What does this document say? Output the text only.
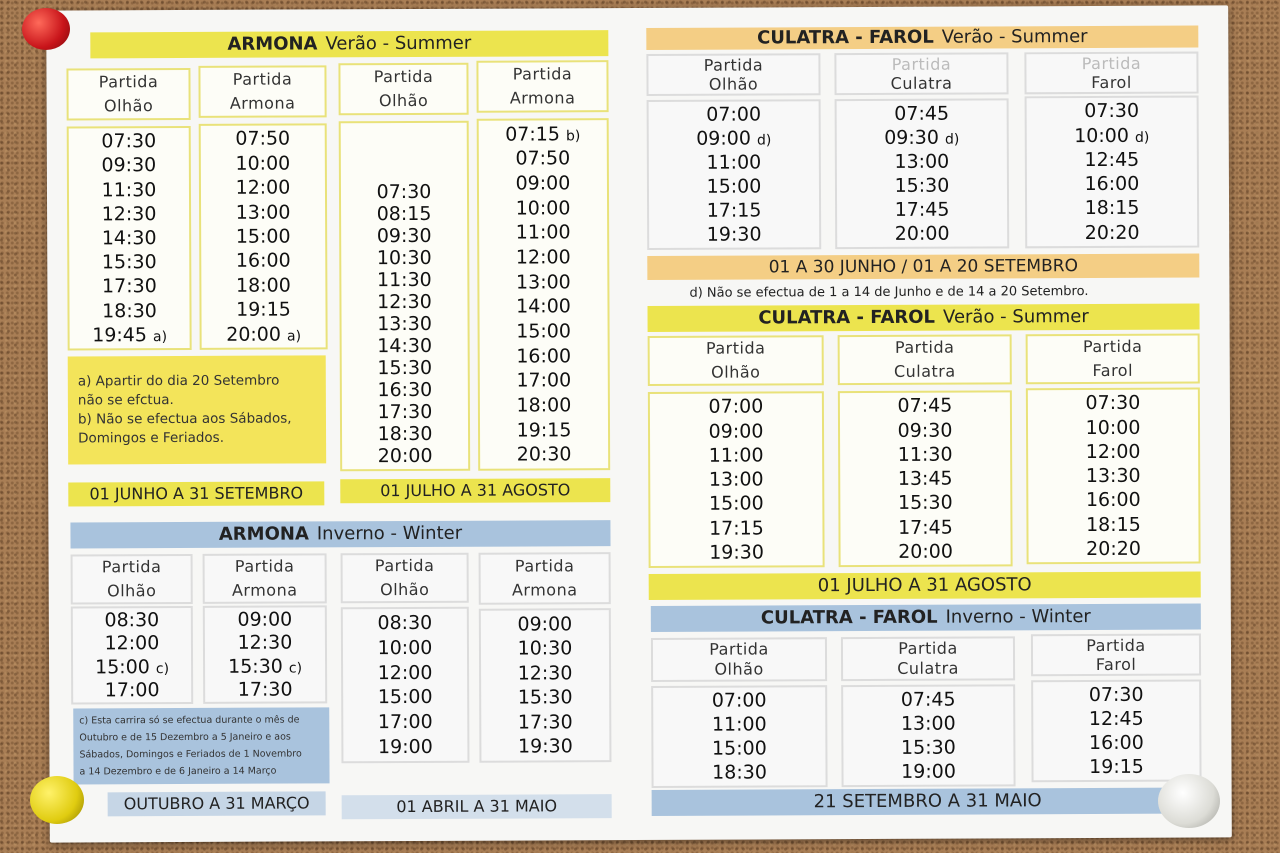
ARMONA Verão - Summer
Partida
Olhão
Partida
Armona
Partida
Olhão
Partida
Armona
07:30
09:30
11:30
12:30
14:30
15:30
17:30
18:30
19:45 a)
07:50
10:00
12:00
13:00
15:00
16:00
18:00
19:15
20:00 a)
07:30
08:15
09:30
10:30
11:30
12:30
13:30
14:30
15:30
16:30
17:30
18:30
20:00
07:15 b)
07:50
09:00
10:00
11:00
12:00
13:00
14:00
15:00
16:00
17:00
18:00
19:15
20:30
a) Apartir do dia 20 Setembro
não se efctua.
b) Não se efectua aos Sábados,
Domingos e Feriados.
01 JUNHO A 31 SETEMBRO	01 JULHO A 31 AGOSTO
ARMONA Inverno - Winter
Partida
Olhão
Partida
Armona
Partida
Olhão
Partida
Armona
08:30
12:00
15:00 c)
17:00
09:00
12:30
15:30 c)
17:30
08:30
10:00
12:00
15:00
17:00
19:00
09:00
10:30
12:30
15:30
17:30
19:30
c) Esta carrira só se efectua durante o mês de
Outubro e de 15 Dezembro a 5 Janeiro e aos
Sábados, Domingos e Feriados de 1 Novembro
a 14 Dezembro e de 6 Janeiro a 14 Março
OUTUBRO A 31 MARÇO	01 ABRIL A 31 MAIO
CULATRA - FAROL Verão - Summer
Partida
Olhão
Partida
Culatra
Partida
Farol
07:00
09:00 d)
11:00
15:00
17:15
19:30
07:45
09:30 d)
13:00
15:30
17:45
20:00
07:30
10:00 d)
12:45
16:00
18:15
20:20
01 A 30 JUNHO / 01 A 20 SETEMBRO
d) Não se efectua de 1 a 14 de Junho e de 14 a 20 Setembro.
CULATRA - FAROL Verão - Summer
Partida
Olhão
Partida
Culatra
Partida
Farol
07:00
09:00
11:00
13:00
15:00
17:15
19:30
07:45
09:30
11:30
13:45
15:30
17:45
20:00
07:30
10:00
12:00
13:30
16:00
18:15
20:20
01 JULHO A 31 AGOSTO
CULATRA - FAROL Inverno - Winter
Partida
Olhão
Partida
Culatra
Partida
Farol
07:00
11:00
15:00
18:30
07:45
13:00
15:30
19:00
07:30
12:45
16:00
19:15
21 SETEMBRO A 31 MAIO
